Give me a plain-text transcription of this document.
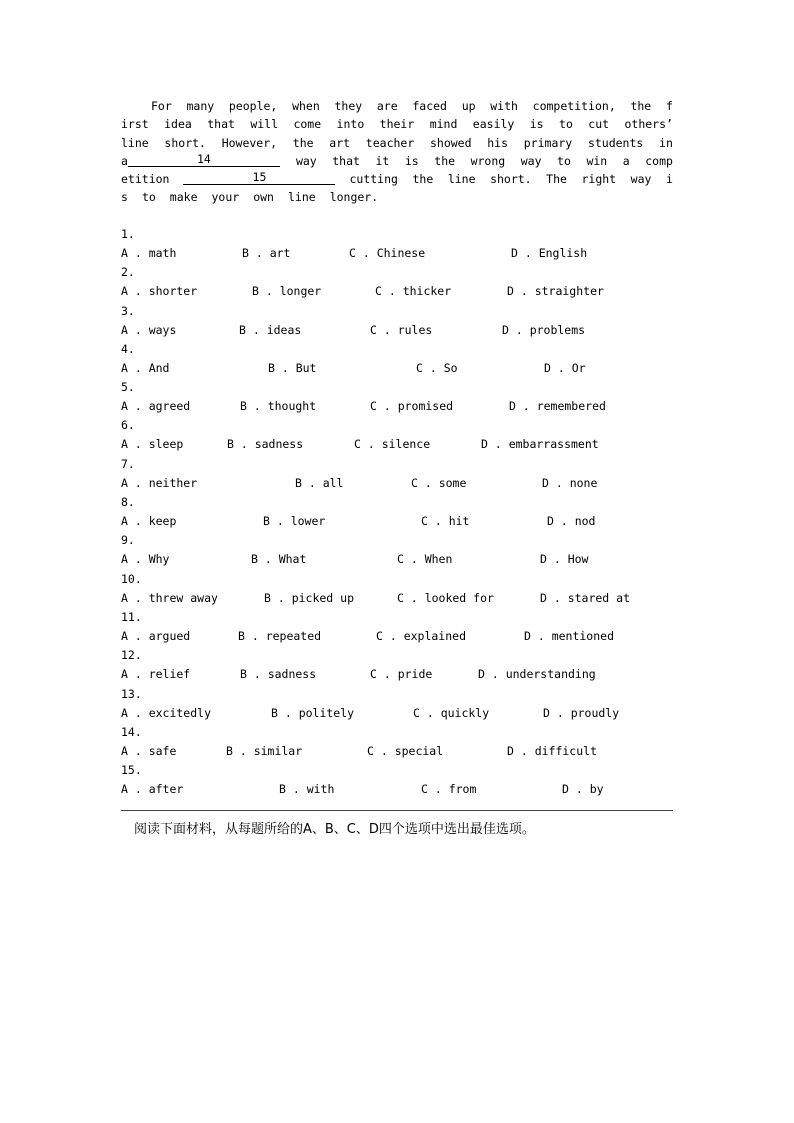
For many people, when they are faced up with competition, the f
irst idea that will come into their mind easily is to cut others’
line short. However, the art teacher showed his primary students in
a	14	way that it is the wrong way to win a comp
etition	15	cutting the line short. The right way i
s to make your own line longer.
1.
A . math	B . art	C . Chinese	D . English
2.
A . shorter	B . longer	C . thicker	D . straighter
3.
A . ways	B . ideas	C . rules	D . problems
4.
A . And	B . But	C . So	D . Or
5.
A . agreed	B . thought	C . promised	D . remembered
6.
A . sleep	B . sadness	C . silence	D . embarrassment
7.
A . neither	B . all	C . some	D . none
8.
A . keep	B . lower	C . hit	D . nod
9.
A . Why	B . What	C . When	D . How
10.
A . threw away	B . picked up	C . looked for	D . stared at
11.
A . argued	B . repeated	C . explained	D . mentioned
12.
A . relief	B . sadness	C . pride	D . understanding
13.
A . excitedly	B . politely	C . quickly	D . proudly
14.
A . safe	B . similar	C . special	D . difficult
15.
A . after	B . with	C . from	D . by
阅读下面材料，从每题所给的A、B、C、D四个选项中选出最佳选项。
